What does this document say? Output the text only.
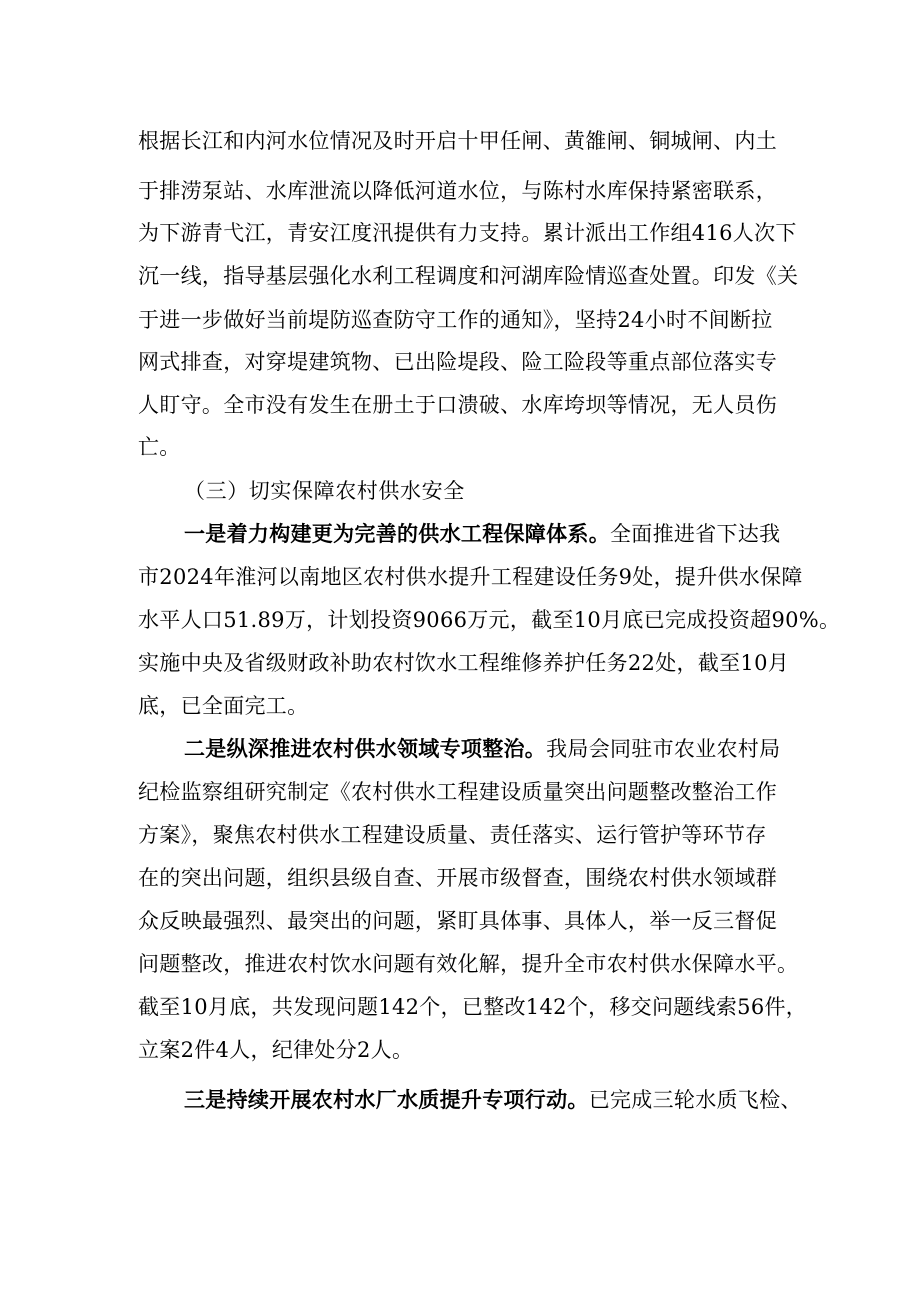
根据长江和内河水位情况及时开启十甲任闸、黄雒闸、铜城闸、内土
于排涝泵站、水库泄流以降低河道水位，与陈村水库保持紧密联系，
为下游青弋江，青安江度汛提供有力支持。累计派出工作组416人次下
沉一线，指导基层强化水利工程调度和河湖库险情巡查处置。印发《关
于进一步做好当前堤防巡查防守工作的通知》，坚持24小时不间断拉
网式排查，对穿堤建筑物、已出险堤段、险工险段等重点部位落实专
人盯守。全市没有发生在册土于口溃破、水库垮坝等情况，无人员伤
亡。
（三）切实保障农村供水安全
一是着力构建更为完善的供水工程保障体系。全面推进省下达我
市2024年淮河以南地区农村供水提升工程建设任务9处，提升供水保障
水平人口51.89万，计划投资9066万元，截至10月底已完成投资超90%。
实施中央及省级财政补助农村饮水工程维修养护任务22处，截至10月
底，已全面完工。
二是纵深推进农村供水领域专项整治。我局会同驻市农业农村局
纪检监察组研究制定《农村供水工程建设质量突出问题整改整治工作
方案》，聚焦农村供水工程建设质量、责任落实、运行管护等环节存
在的突出问题，组织县级自查、开展市级督查，围绕农村供水领域群
众反映最强烈、最突出的问题，紧盯具体事、具体人，举一反三督促
问题整改，推进农村饮水问题有效化解，提升全市农村供水保障水平。
截至10月底，共发现问题142个，已整改142个，移交问题线索56件，
立案2件4人，纪律处分2人。
三是持续开展农村水厂水质提升专项行动。已完成三轮水质飞检、
